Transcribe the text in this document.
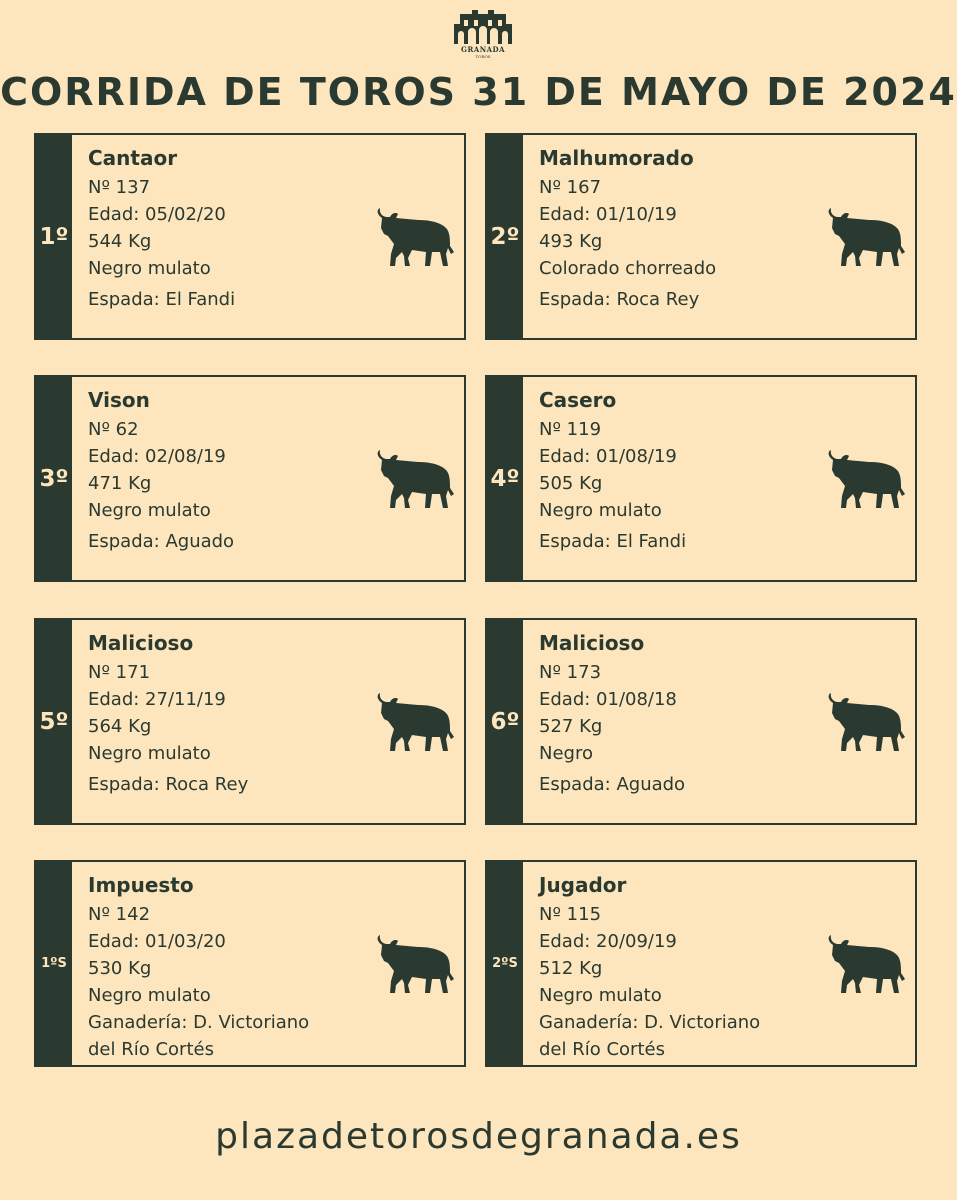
GRANADA
TOROS
CORRIDA DE TOROS 31 DE MAYO DE 2024
1º
Cantaor
Nº 137
Edad: 05/02/20
544 Kg
Negro mulato
Espada: El Fandi
2º
Malhumorado
Nº 167
Edad: 01/10/19
493 Kg
Colorado chorreado
Espada: Roca Rey
3º
Vison
Nº 62
Edad: 02/08/19
471 Kg
Negro mulato
Espada: Aguado
4º
Casero
Nº 119
Edad: 01/08/19
505 Kg
Negro mulato
Espada: El Fandi
5º
Malicioso
Nº 171
Edad: 27/11/19
564 Kg
Negro mulato
Espada: Roca Rey
6º
Malicioso
Nº 173
Edad: 01/08/18
527 Kg
Negro
Espada: Aguado
1ºS
Impuesto
Nº 142
Edad: 01/03/20
530 Kg
Negro mulato
Ganadería: D. Victoriano
del Río Cortés
2ºS
Jugador
Nº 115
Edad: 20/09/19
512 Kg
Negro mulato
Ganadería: D. Victoriano
del Río Cortés
plazadetorosdegranada.es
